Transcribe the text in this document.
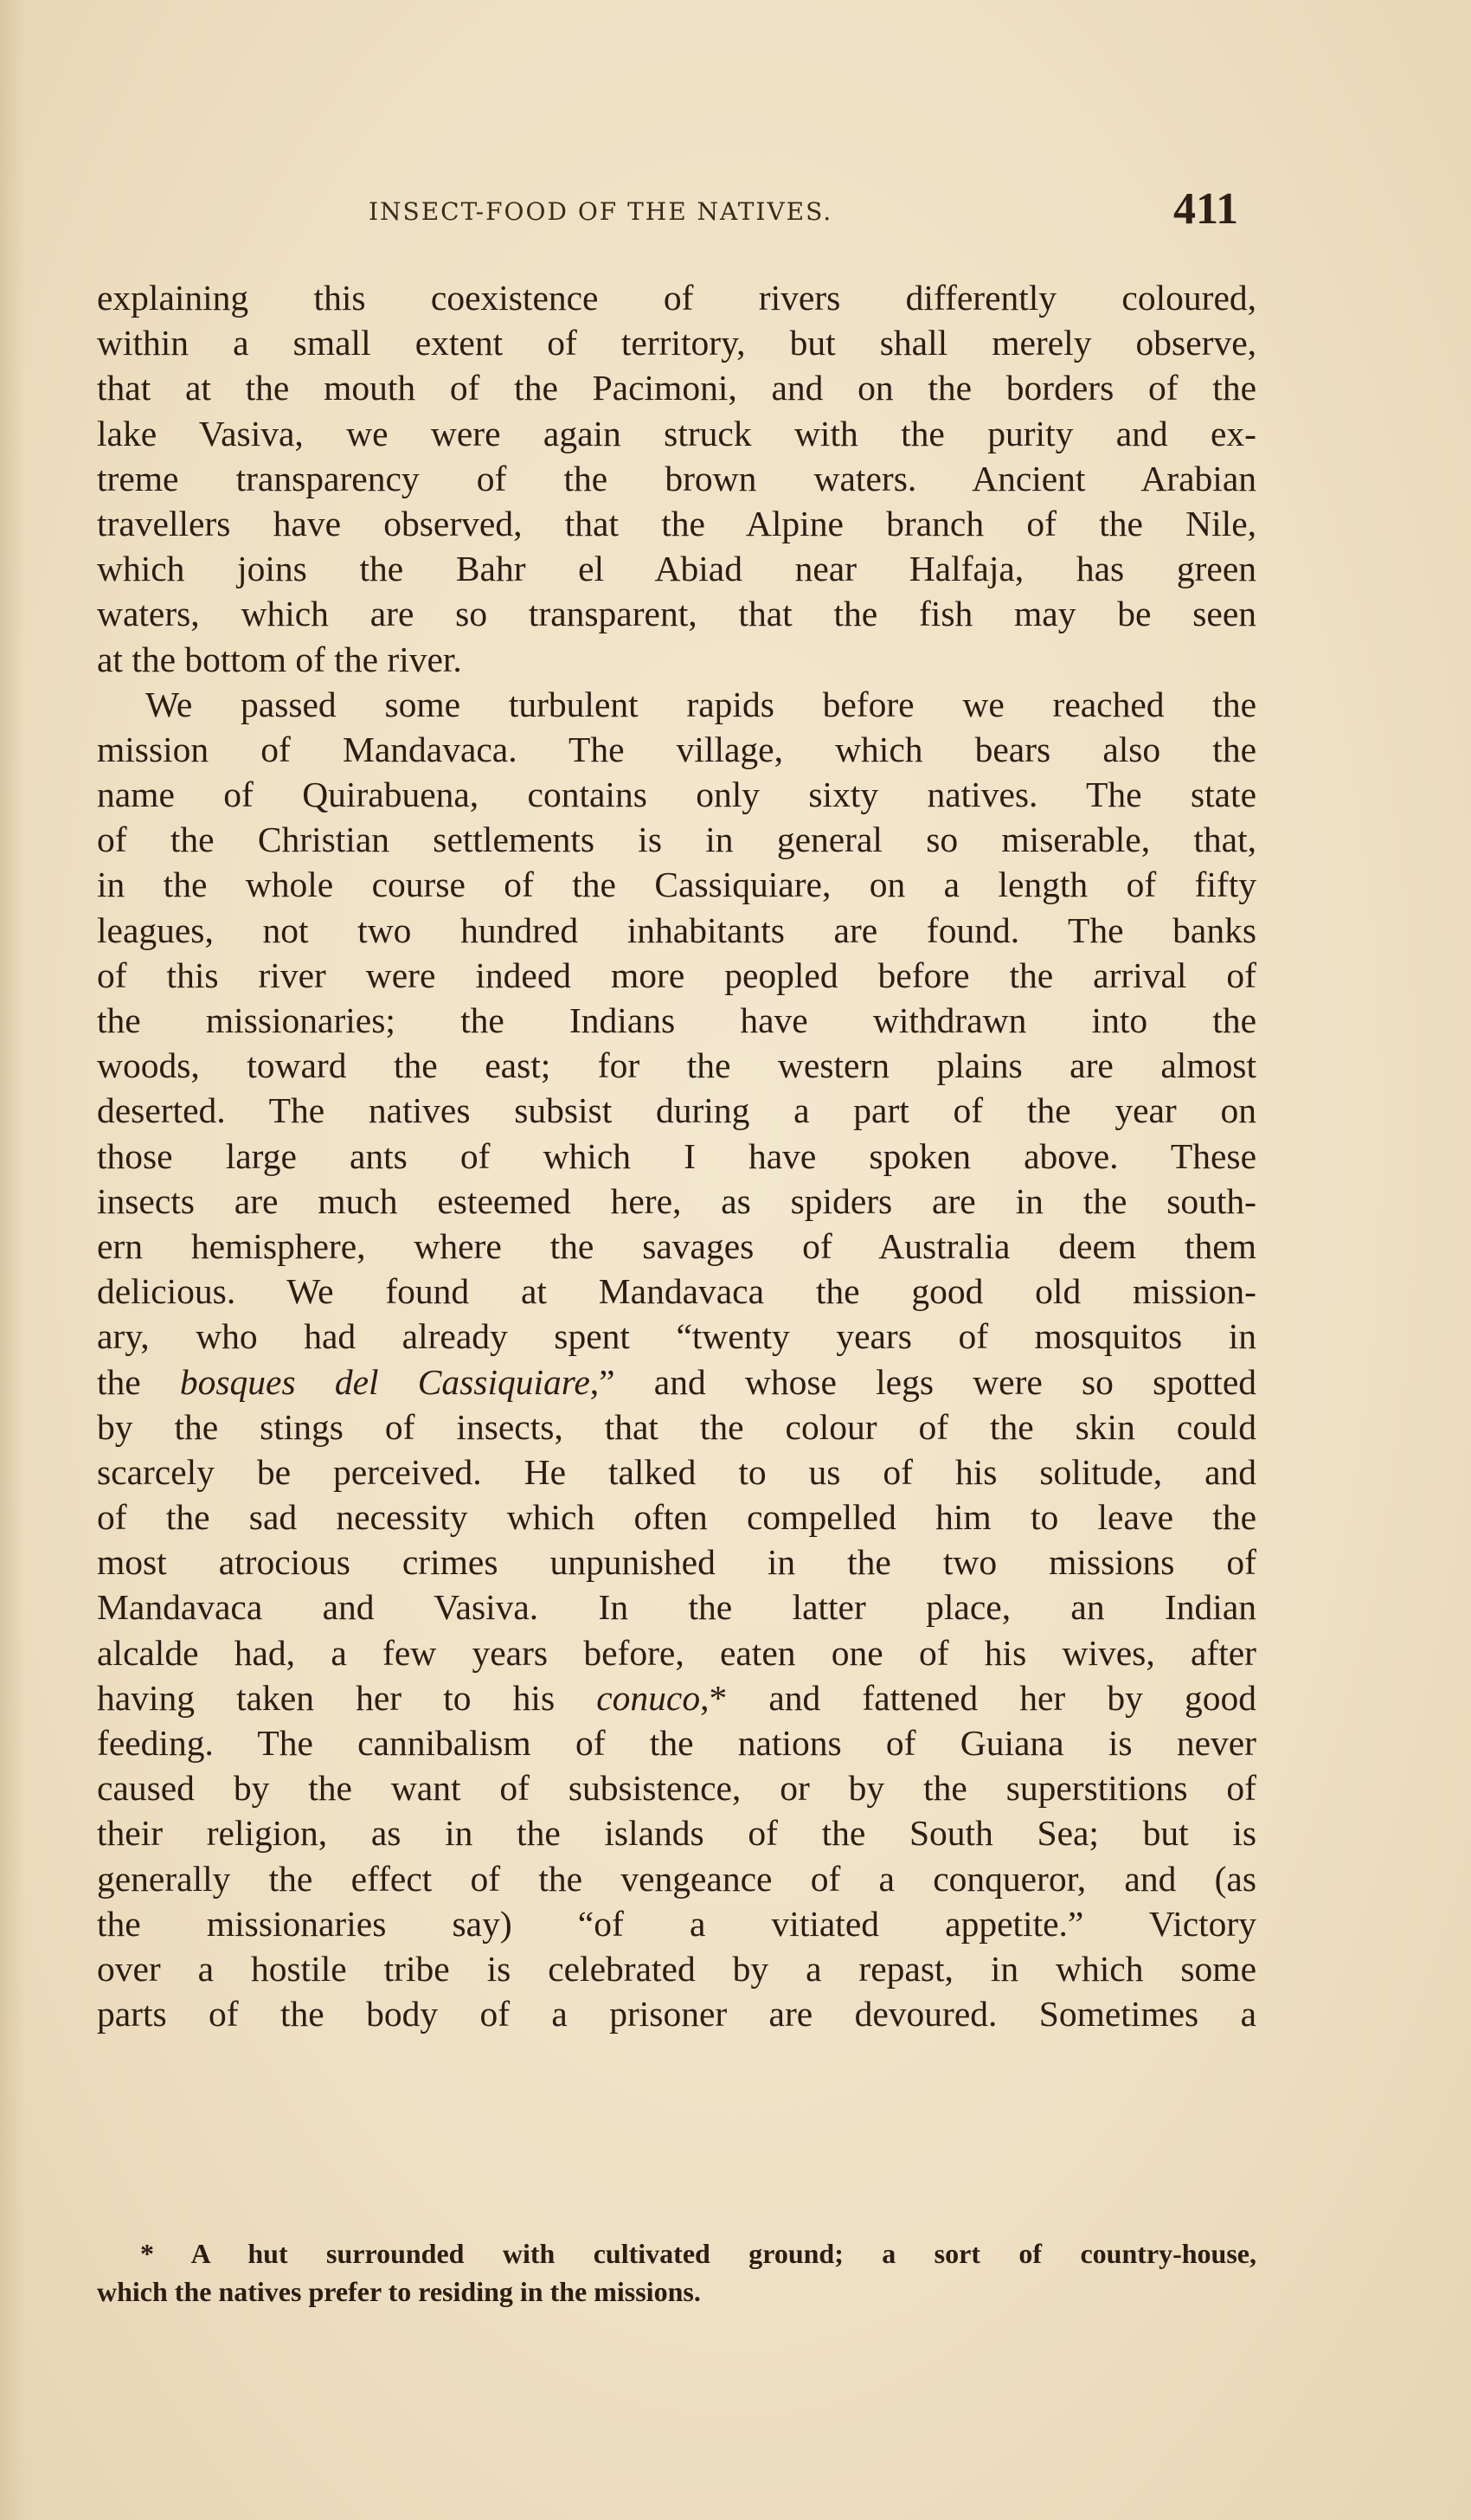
INSECT-FOOD OF THE NATIVES.	411
explaining this coexistence of rivers differently coloured,
within a small extent of territory, but shall merely observe,
that at the mouth of the Pacimoni, and on the borders of the
lake Vasiva, we were again struck with the purity and ex-
treme transparency of the brown waters. Ancient Arabian
travellers have observed, that the Alpine branch of the Nile,
which joins the Bahr el Abiad near Halfaja, has green
waters, which are so transparent, that the fish may be seen
at the bottom of the river.
We passed some turbulent rapids before we reached the
mission of Mandavaca. The village, which bears also the
name of Quirabuena, contains only sixty natives. The state
of the Christian settlements is in general so miserable, that,
in the whole course of the Cassiquiare, on a length of fifty
leagues, not two hundred inhabitants are found. The banks
of this river were indeed more peopled before the arrival of
the missionaries; the Indians have withdrawn into the
woods, toward the east; for the western plains are almost
deserted. The natives subsist during a part of the year on
those large ants of which I have spoken above. These
insects are much esteemed here, as spiders are in the south-
ern hemisphere, where the savages of Australia deem them
delicious. We found at Mandavaca the good old mission-
ary, who had already spent “twenty years of mosquitos in
the bosques del Cassiquiare,” and whose legs were so spotted
by the stings of insects, that the colour of the skin could
scarcely be perceived. He talked to us of his solitude, and
of the sad necessity which often compelled him to leave the
most atrocious crimes unpunished in the two missions of
Mandavaca and Vasiva. In the latter place, an Indian
alcalde had, a few years before, eaten one of his wives, after
having taken her to his conuco,* and fattened her by good
feeding. The cannibalism of the nations of Guiana is never
caused by the want of subsistence, or by the superstitions of
their religion, as in the islands of the South Sea; but is
generally the effect of the vengeance of a conqueror, and (as
the missionaries say) “of a vitiated appetite.” Victory
over a hostile tribe is celebrated by a repast, in which some
parts of the body of a prisoner are devoured. Sometimes a
* A hut surrounded with cultivated ground; a sort of country-house,
which the natives prefer to residing in the missions.
